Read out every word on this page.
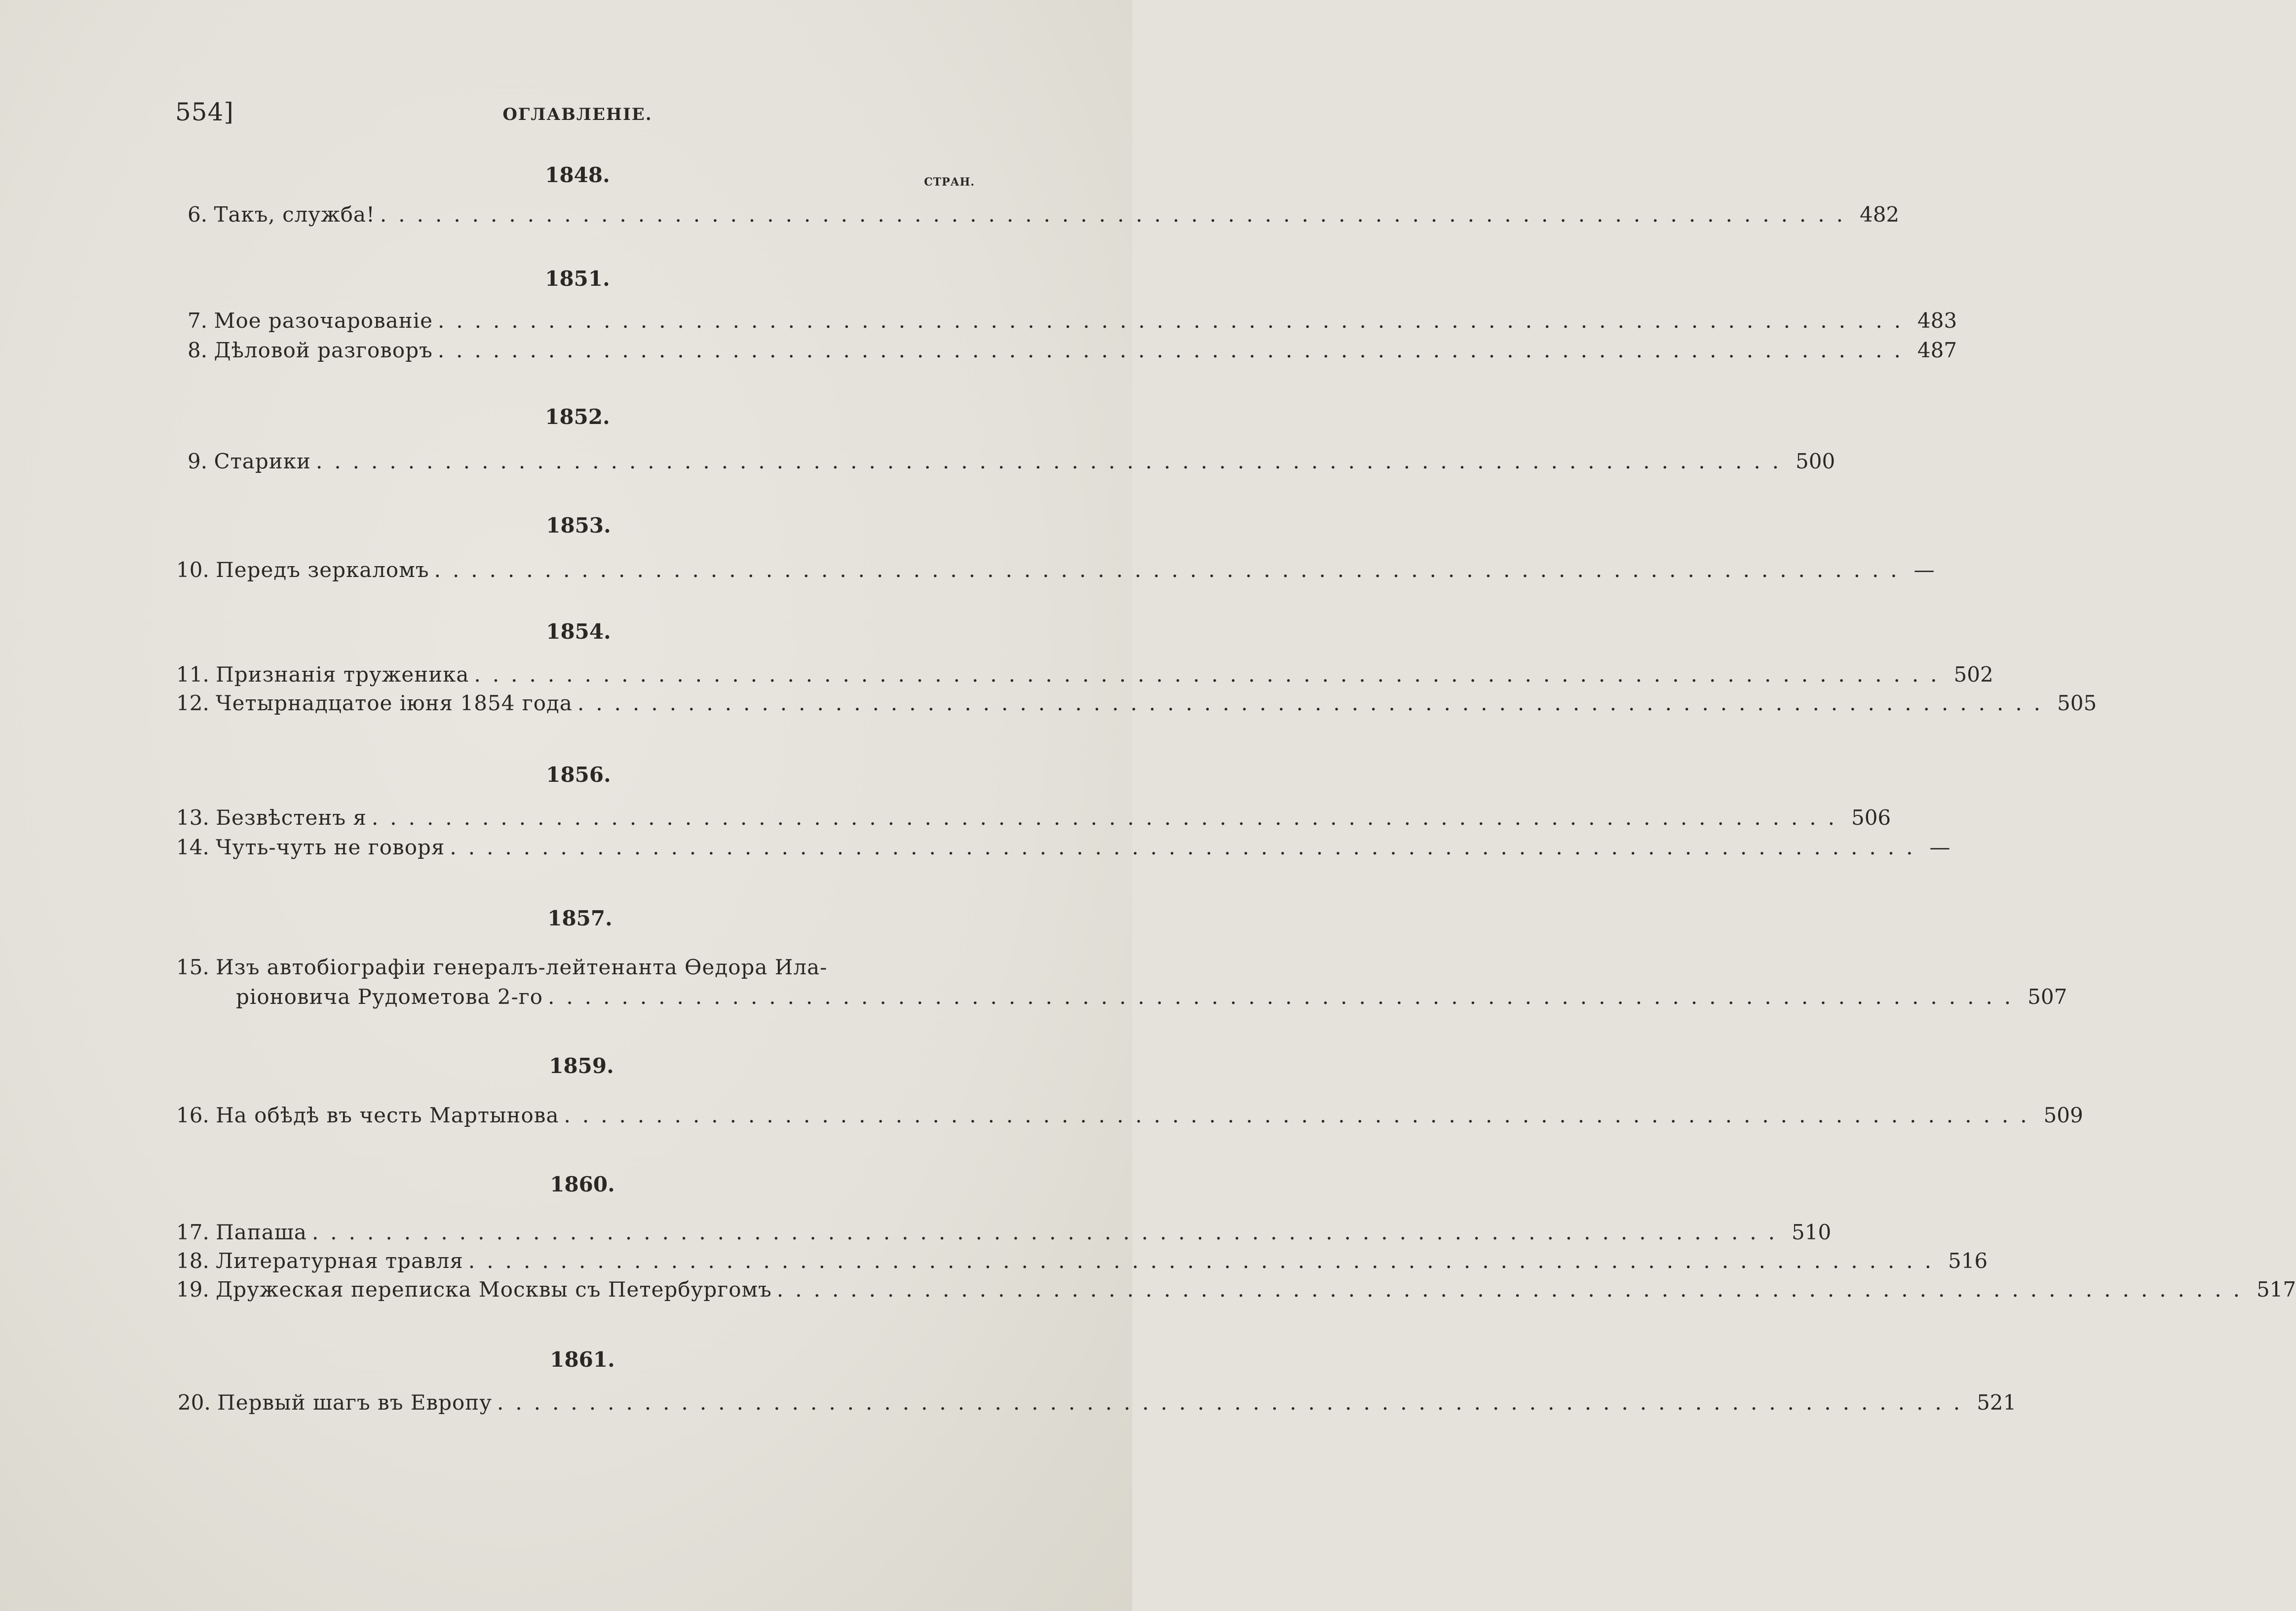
554]	ОГЛАВЛЕНІЕ.
СТРАН.
1848.
6.
Такъ, служба! ................................................................................ 482
1851.
7.
Мое разочарованіе ................................................................................ 483
8.
Дѣловой разговоръ ................................................................................ 487
1852.
9.
Старики ................................................................................ 500
1853.
10.
Передъ зеркаломъ ................................................................................ —
1854.
11.
Признанія труженика ................................................................................ 502
12.
Четырнадцатое іюня 1854 года ................................................................................ 505
1856.
13.
Безвѣстенъ я ................................................................................ 506
14.
Чуть-чуть не говоря ................................................................................ —
1857.
15.
Изъ автобіографіи генералъ-лейтенанта Ѳедора Ила-
ріоновича Рудометова 2-го ................................................................................ 507
1859.
16.
На обѣдѣ въ честь Мартынова ................................................................................ 509
1860.
17.
Папаша ................................................................................ 510
18.
Литературная травля ................................................................................ 516
19.
Дружеская переписка Москвы съ Петербургомъ ................................................................................ 517
1861.
20.
Первый шагъ въ Европу ................................................................................ 521
